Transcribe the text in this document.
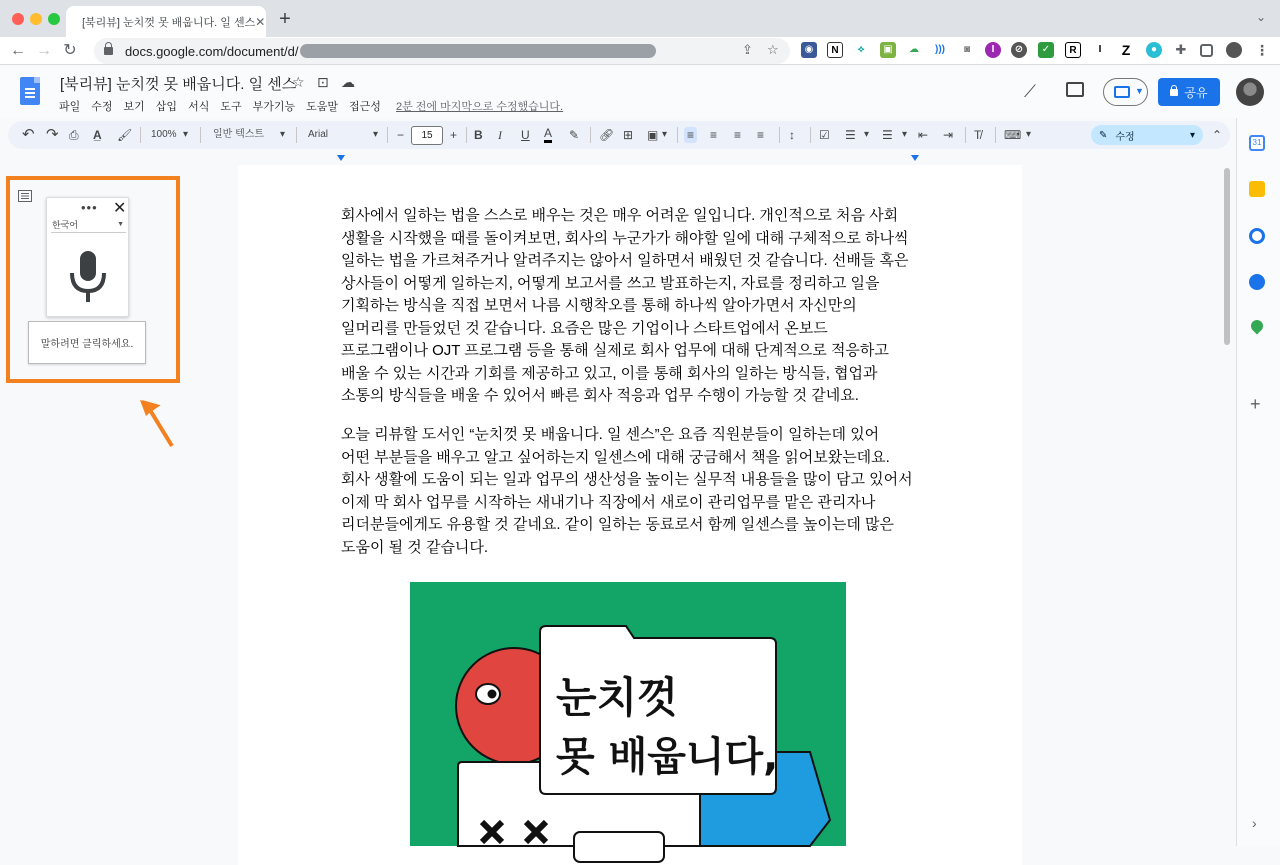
[북리뷰] 눈치껏 못 배웁니다. 일 센스 ✕ +	⌄
← → ↻	docs.google.com/document/d/	⇪ ☆	◉	N	⟡	▣	☁	)))	◙	I	⊘	✓	R	I	Z	●	✚	⋮
[북리뷰] 눈치껏 못 배웁니다. 일 센스
☆ ⊡ ☁
파일 수정 보기 삽입 서식 도구 부가기능 도움말 접근성 2분 전에 마지막으로 수정했습니다.
⟋	▼	공유
↶ ↷ ⎙ A̲ 🖌︎ 100% ▾ 일반 텍스트 ▾ Arial	▾ −	15	+ B I U A ✎ 🔗︎ ⊞ ▣ ▾ ≡ ≡ ≡ ≡ ↕ ☑ ☰ ▾ ☰ ▾ ⇤ ⇥ T̸ ⌨ ▾	✎ 수정	▾ ⌃
31
+
›
회사에서 일하는 법을 스스로 배우는 것은 매우 어려운 일입니다. 개인적으로 처음 사회
생활을 시작했을 때를 돌이켜보면, 회사의 누군가가 해야할 일에 대해 구체적으로 하나씩
일하는 법을 가르쳐주거나 알려주지는 않아서 일하면서 배웠던 것 같습니다. 선배들 혹은
상사들이 어떻게 일하는지, 어떻게 보고서를 쓰고 발표하는지, 자료를 정리하고 일을
기획하는 방식을 직접 보면서 나름 시행착오를 통해 하나씩 알아가면서 자신만의
일머리를 만들었던 것 같습니다. 요즘은 많은 기업이나 스타트업에서 온보드
프로그램이나 OJT 프로그램 등을 통해 실제로 회사 업무에 대해 단계적으로 적응하고
배울 수 있는 시간과 기회를 제공하고 있고, 이를 통해 회사의 일하는 방식들, 협업과
소통의 방식들을 배울 수 있어서 빠른 회사 적응과 업무 수행이 가능할 것 같네요.
오늘 리뷰할 도서인 “눈치껏 못 배웁니다. 일 센스”은 요즘 직원분들이 일하는데 있어
어떤 부분들을 배우고 알고 싶어하는지 일센스에 대해 궁금해서 책을 읽어보왔는데요.
회사 생활에 도움이 되는 일과 업무의 생산성을 높이는 실무적 내용들을 많이 담고 있어서
이제 막 회사 업무를 시작하는 새내기나 직장에서 새로이 관리업무를 맡은 관리자나
리더분들에게도 유용할 것 같네요. 같이 일하는 동료로서 함께 일센스를 높이는데 많은
도움이 될 것 같습니다.
눈치껏
못 배웁니다,
••• ✕
한국어	▼
말하려면 클릭하세요.
